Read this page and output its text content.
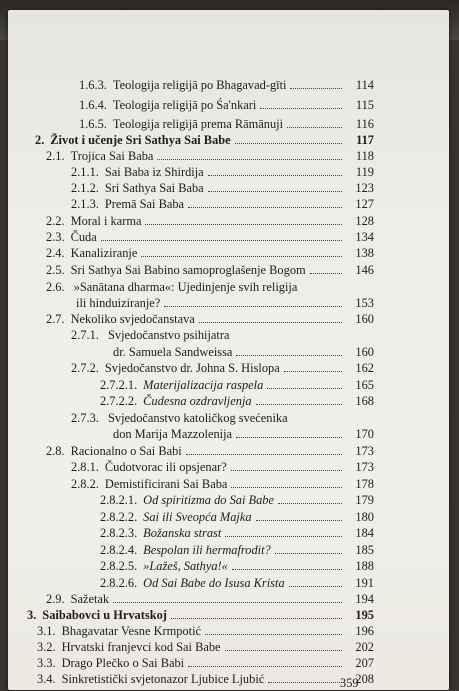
1.6.3. Teologija religijā po Bhagavad-gīti	114
1.6.4. Teologija religijā po Śa'nkari	115
1.6.5. Teologija religijā prema Rāmānuji	116
2. Život i učenje Sri Sathya Sai Babe	117
2.1. Trojica Sai Baba	118
2.1.1. Sai Baba iz Shirdija	119
2.1.2. Sri Sathya Sai Baba	123
2.1.3. Premā Sai Baba	127
2.2. Moral i karma	128
2.3. Čuda	134
2.4. Kanaliziranje	138
2.5. Sri Sathya Sai Babino samoproglašenje Bogom	146
2.6. »Sanātana dharma«: Ujedinjenje svih religija
ili hinduiziranje?	153
2.7. Nekoliko svjedočanstava	160
2.7.1. Svjedočanstvo psihijatra
dr. Samuela Sandweissa	160
2.7.2. Svjedočanstvo dr. Johna S. Hislopa	162
2.7.2.1. Materijalizacija raspela	165
2.7.2.2. Čudesna ozdravljenja	168
2.7.3. Svjedočanstvo katoličkog svećenika
don Marija Mazzolenija	170
2.8. Racionalno o Sai Babi	173
2.8.1. Čudotvorac ili opsjenar?	173
2.8.2. Demistificirani Sai Baba	178
2.8.2.1. Od spiritizma do Sai Babe	179
2.8.2.2. Sai ili Sveopća Majka	180
2.8.2.3. Božanska strast	184
2.8.2.4. Bespolan ili hermafrodit?	185
2.8.2.5. »Lažeš, Sathya!«	188
2.8.2.6. Od Sai Babe do Isusa Krista	191
2.9. Sažetak	194
3. Saibabovci u Hrvatskoj	195
3.1. Bhagavatar Vesne Krmpotić	196
3.2. Hrvatski franjevci kod Sai Babe	202
3.3. Drago Plečko o Sai Babi	207
3.4. Sinkretistički svjetonazor Ljubice Ljubić	208
359
